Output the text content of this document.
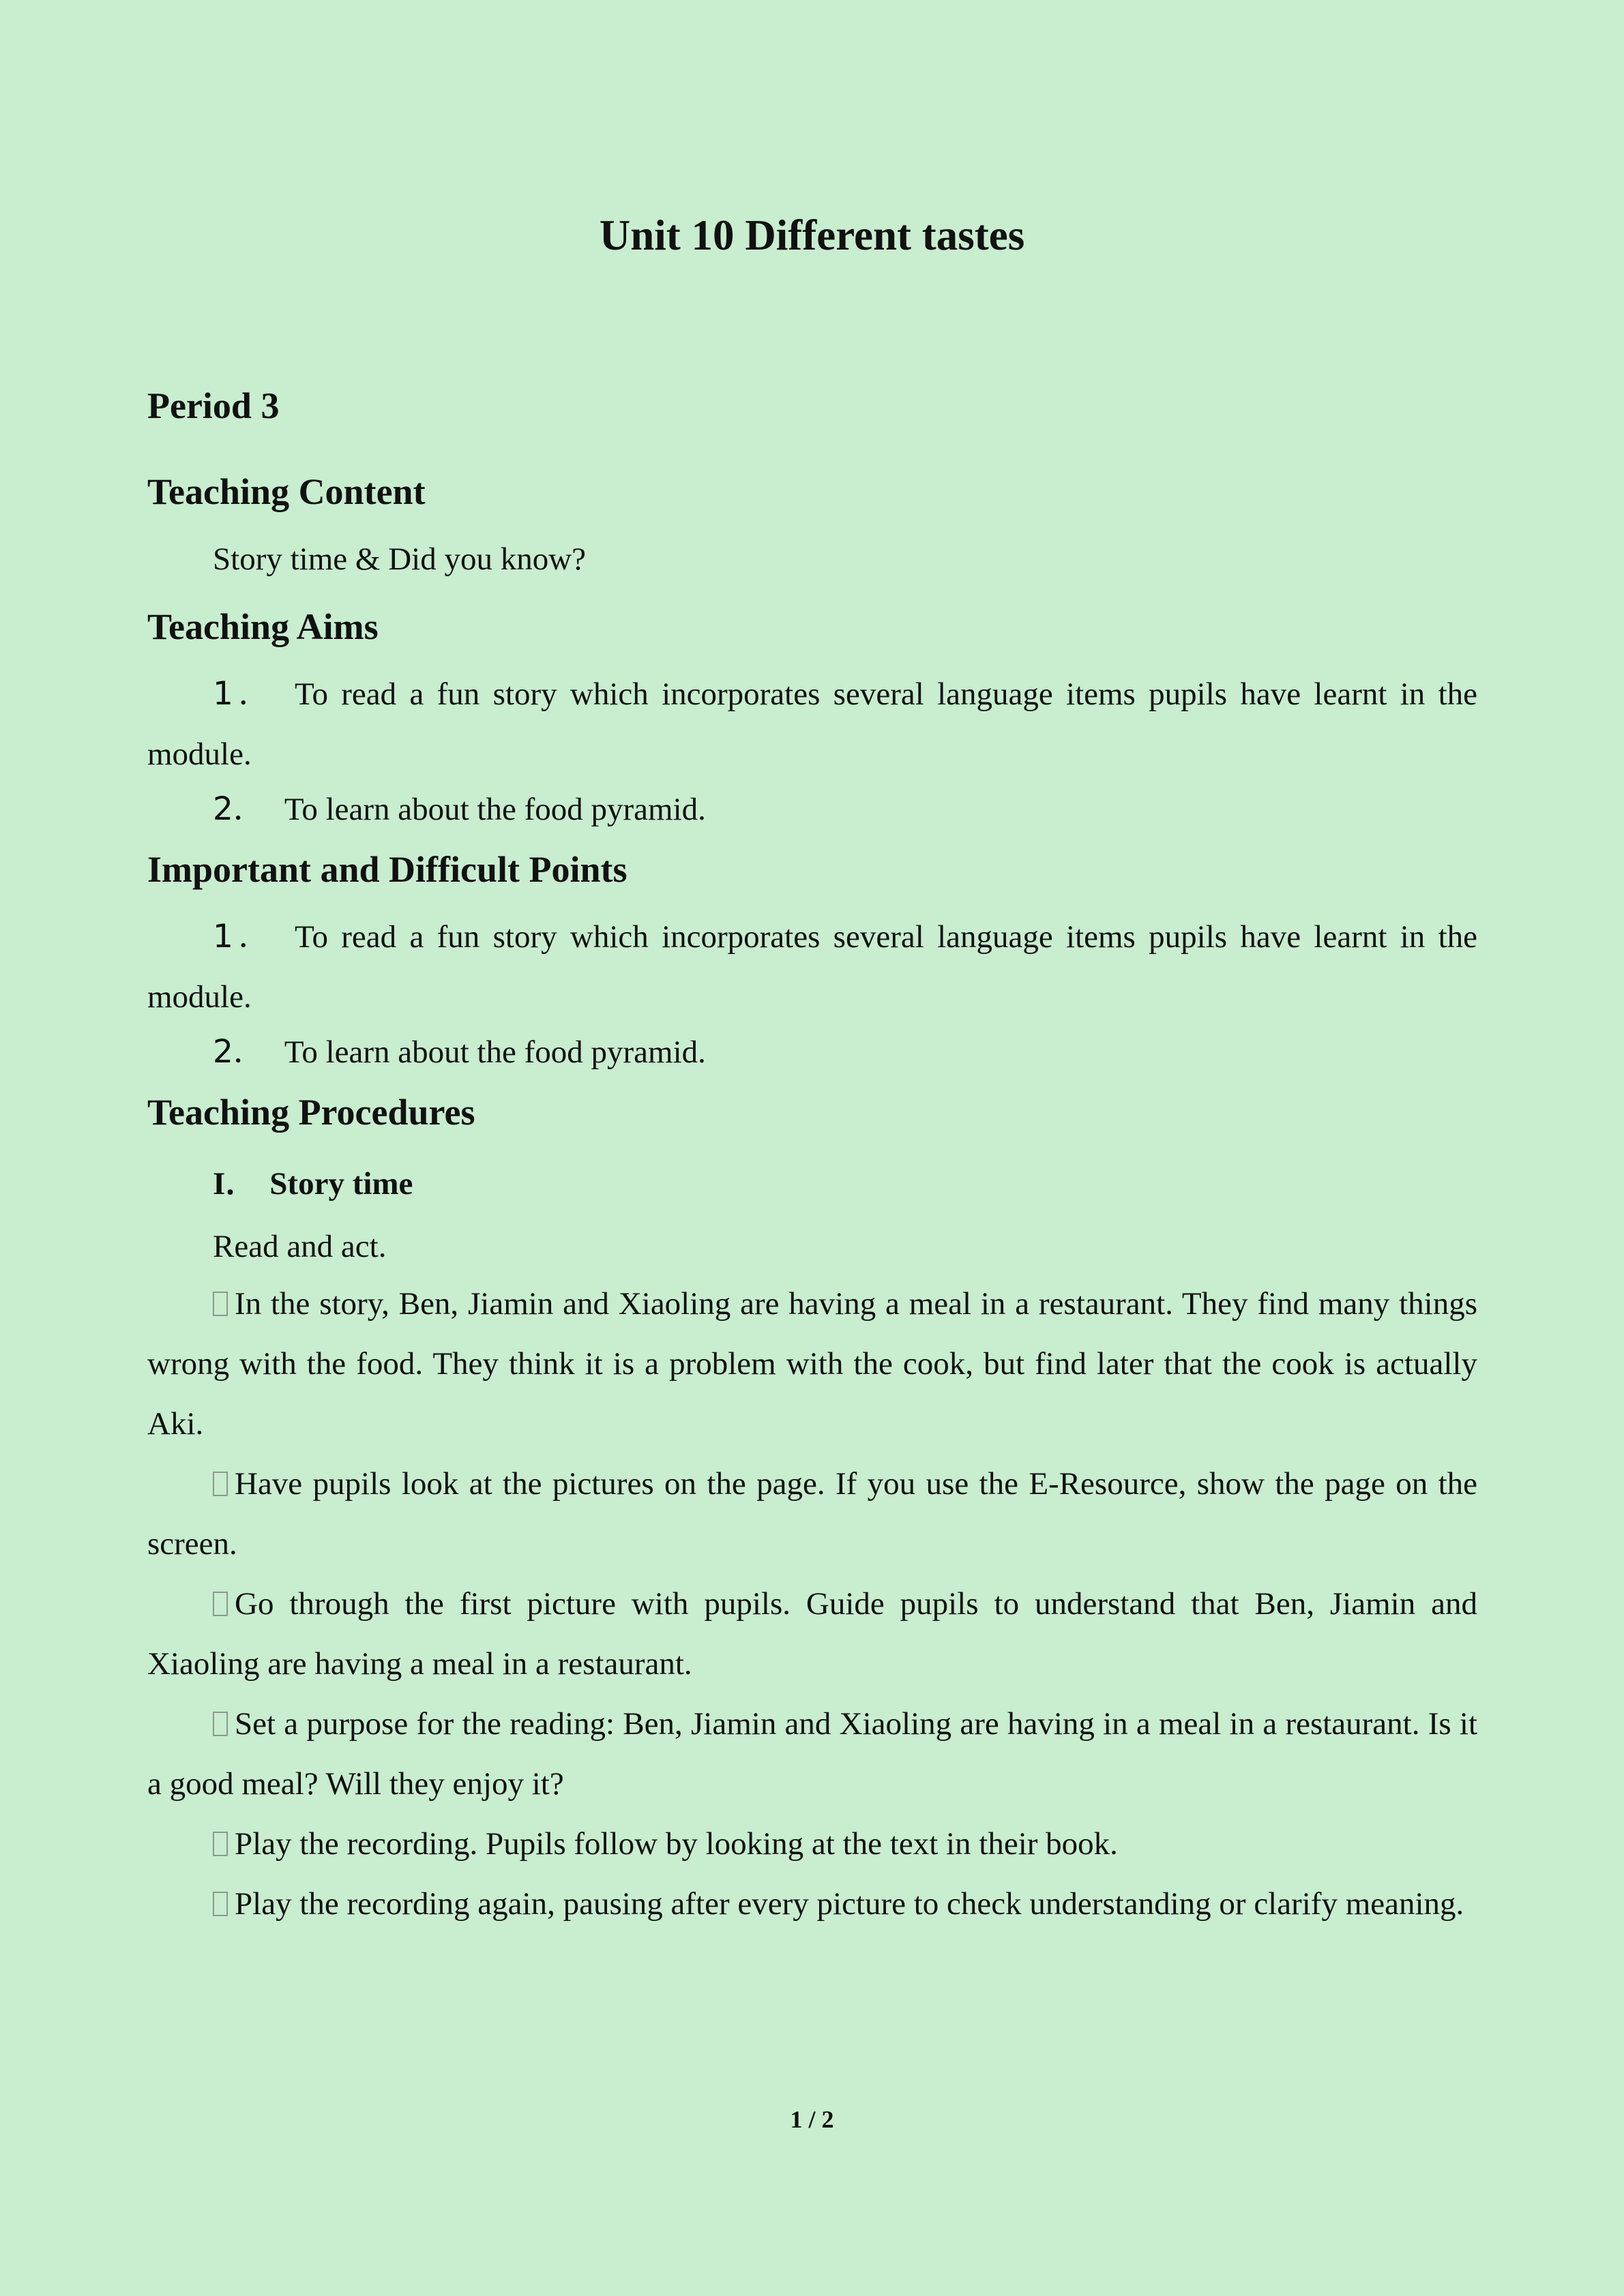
Unit 10 Different tastes
Period 3
Teaching Content

Story time & Did you know?

Teaching Aims

1． To read a fun story which incorporates several language items pupils have learnt in the module.

2． To learn about the food pyramid.

Important and Difficult Points

1． To read a fun story which incorporates several language items pupils have learnt in the module.

2． To learn about the food pyramid.

Teaching Procedures
I． Story time

Read and act.

In the story, Ben, Jiamin and Xiaoling are having a meal in a restaurant. They find many things wrong with the food. They think it is a problem with the cook, but find later that the cook is actually Aki.

Have pupils look at the pictures on the page. If you use the E-Resource, show the page on the screen.

Go through the first picture with pupils. Guide pupils to understand that Ben, Jiamin and Xiaoling are having a meal in a restaurant.

Set a purpose for the reading: Ben, Jiamin and Xiaoling are having in a meal in a restaurant. Is it a good meal? Will they enjoy it?

Play the recording. Pupils follow by looking at the text in their book.

Play the recording again, pausing after every picture to check understanding or clarify meaning.

1 / 2
